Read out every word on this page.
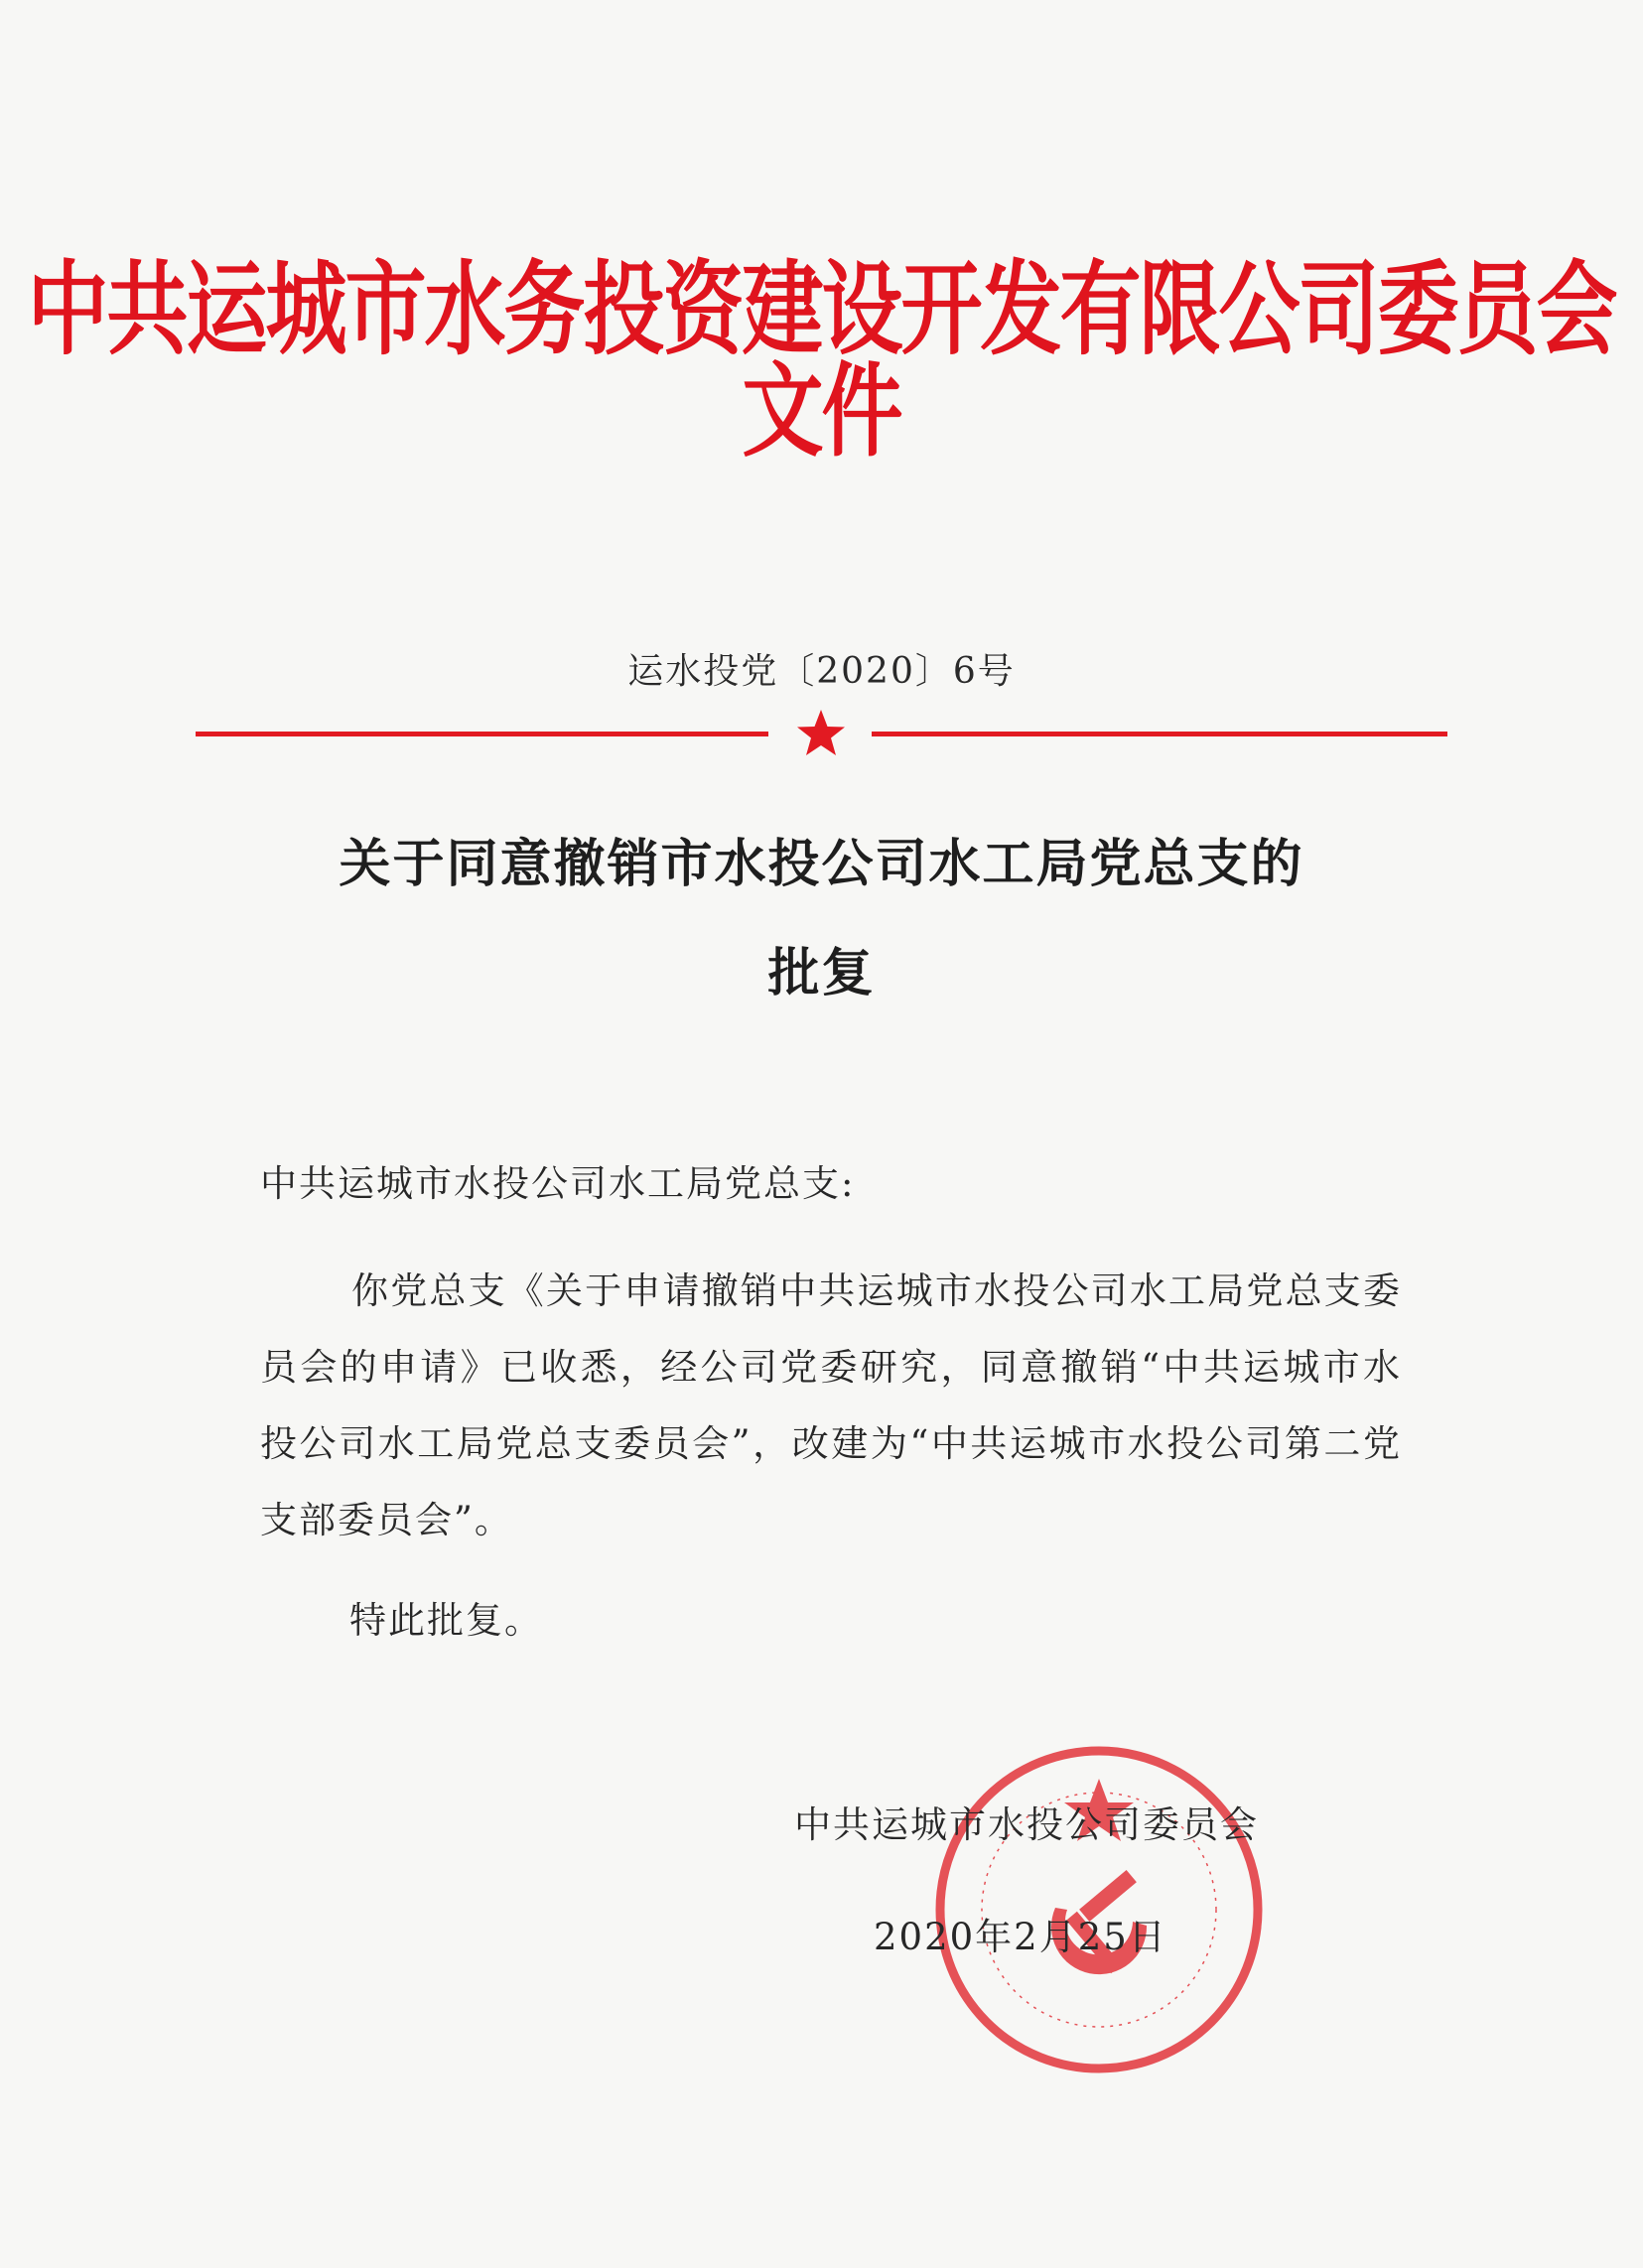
中共运城市水务投资建设开发有限公司委员会文件
运水投党〔2020〕6号
关于同意撤销市水投公司水工局党总支的
批复
中共运城市水投公司水工局党总支:
你党总支《关于申请撤销中共运城市水投公司水工局党总支委员会的申请》已收悉，经公司党委研究，同意撤销“中共运城市水投公司水工局党总支委员会”，改建为“中共运城市水投公司第二党支部委员会”。
特此批复。
中共运城市水投公司委员会
2020年2月25日
